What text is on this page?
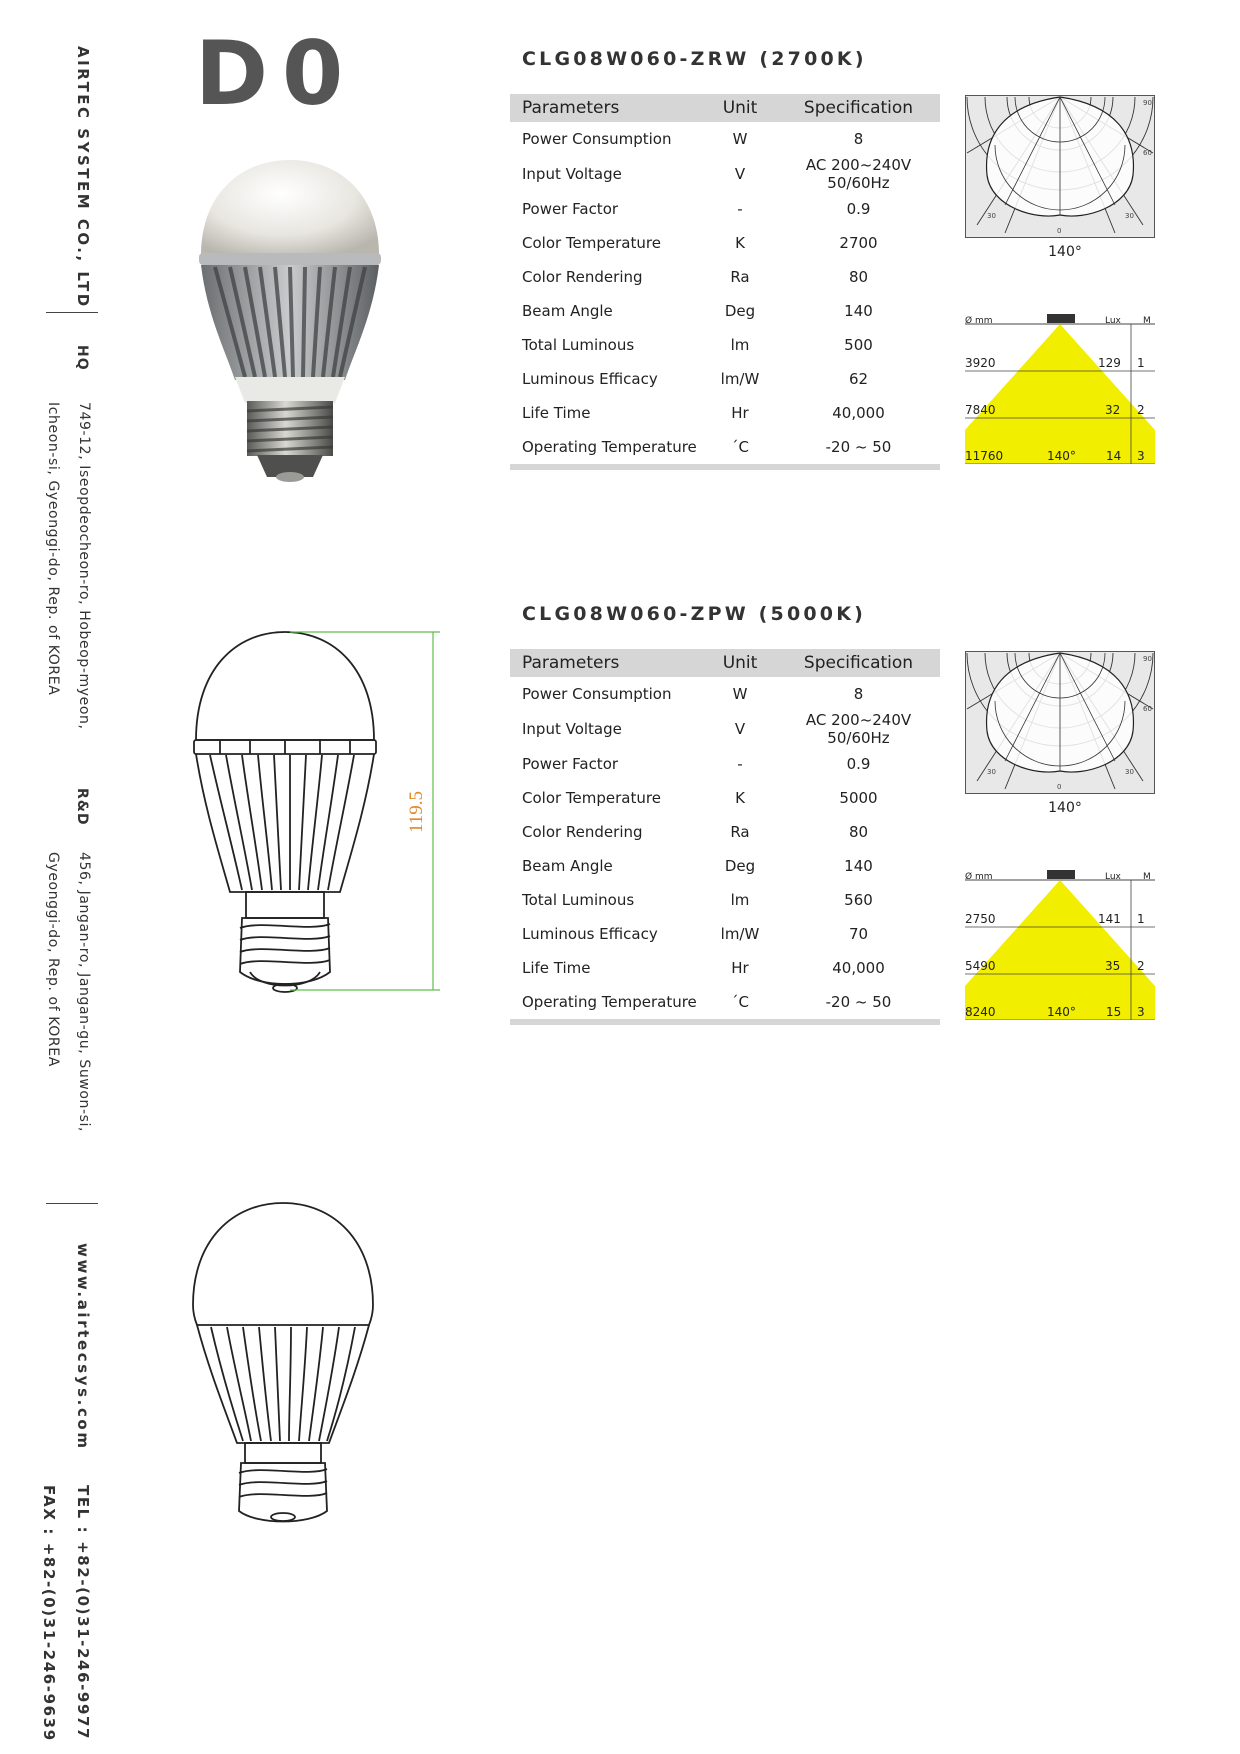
AIRTEC SYSTEM CO., LTD
HQ
749-12, Iseopdeocheon-ro, Hobeop-myeon,
Icheon-si, Gyeonggi-do, Rep. of KOREA
R&D
456, Jangan-ro, Jangan-gu, Suwon-si,
Gyeonggi-do, Rep. of KOREA
www.airtecsys.com
TEL : +82-(0)31-246-9977
FAX : +82-(0)31-246-9639
D0
119.5
CLG08W060-ZRW (2700K)
Parameters	Unit	Specification
Power Consumption	W	8
Input Voltage	V	AC 200~240V 50/60Hz
Power Factor	-	0.9
Color Temperature	K	2700
Color Rendering	Ra	80
Beam Angle	Deg	140
Total Luminous	lm	500
Luminous Efficacy	lm/W	62
Life Time	Hr	40,000
Operating Temperature	´C	-20 ~ 50
90
60
30	30
0
140°
Ø mm	Lux M
3920	129 1
7840	32 2
11760	140°	14 3
CLG08W060-ZPW (5000K)
Parameters	Unit	Specification
Power Consumption	W	8
Input Voltage	V	AC 200~240V 50/60Hz
Power Factor	-	0.9
Color Temperature	K	5000
Color Rendering	Ra	80
Beam Angle	Deg	140
Total Luminous	lm	560
Luminous Efficacy	lm/W	70
Life Time	Hr	40,000
Operating Temperature	´C	-20 ~ 50
90
60
30	30
0
140°
Ø mm	Lux M
2750	141 1
5490	35 2
8240	140°	15 3
